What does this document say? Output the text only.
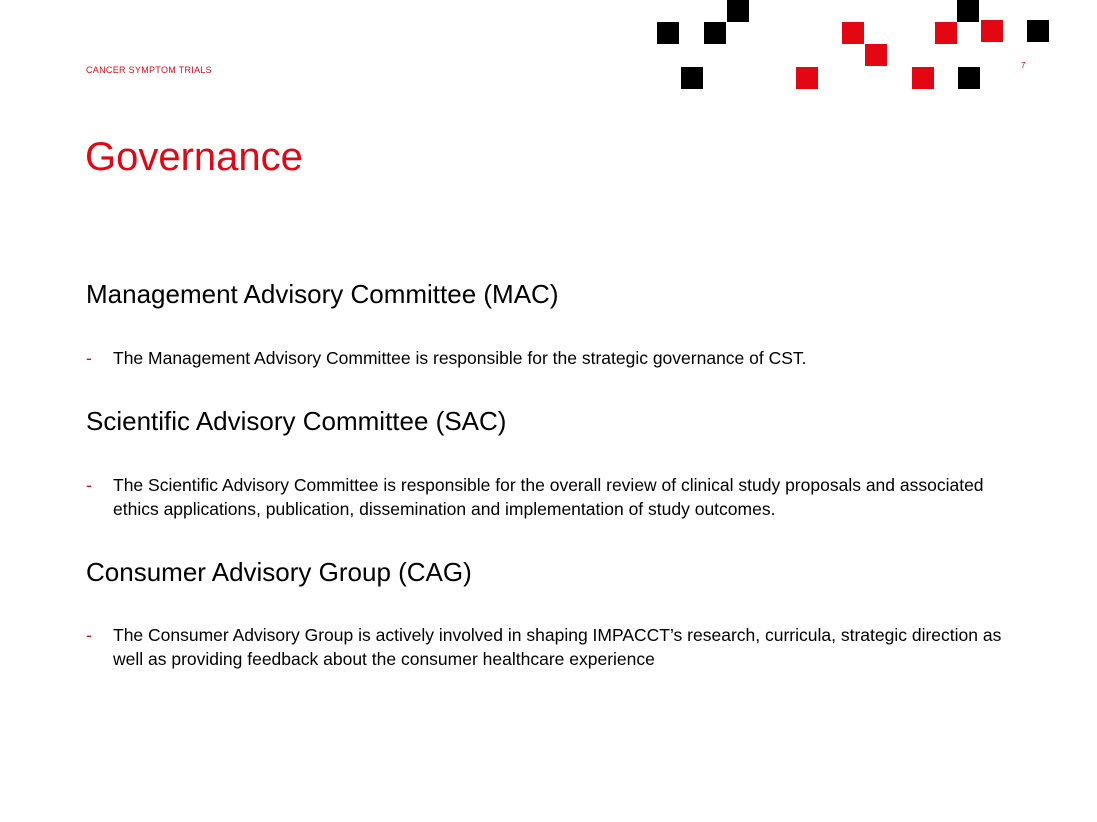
CANCER SYMPTOM TRIALS	7
Governance
Management Advisory Committee (MAC)
- The Management Advisory Committee is responsible for the strategic governance of CST.
Scientific Advisory Committee (SAC)
- The Scientific Advisory Committee is responsible for the overall review of clinical study proposals and associated ethics applications, publication, dissemination and implementation of study outcomes.
Consumer Advisory Group (CAG)
- The Consumer Advisory Group is actively involved in shaping IMPACCT’s research, curricula, strategic direction as well as providing feedback about the consumer healthcare experience
